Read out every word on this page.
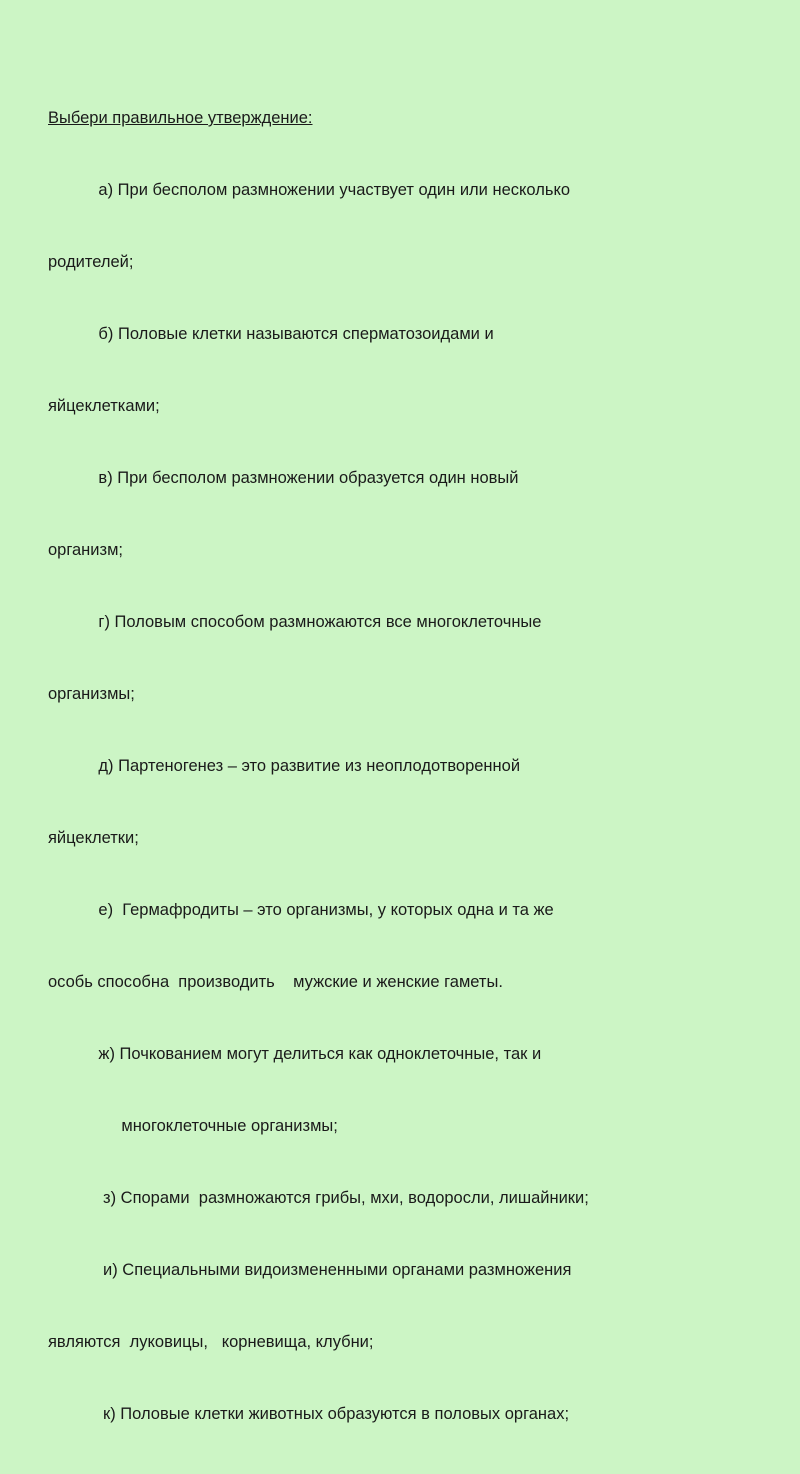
Выбери правильное утверждение:

а) При бесполом размножении участвует один или несколько

родителей;

б) Половые клетки называются сперматозоидами и

яйцеклетками;

в) При бесполом размножении образуется один новый

организм;

г) Половым способом размножаются все многоклеточные

организмы;

д) Партеногенез – это развитие из неоплодотворенной

яйцеклетки;

е)  Гермафродиты – это организмы, у которых одна и та же

особь способна  производить    мужские и женские гаметы.

ж) Почкованием могут делиться как одноклеточные, так и

многоклеточные организмы;

з) Спорами  размножаются грибы, мхи, водоросли, лишайники;

и) Специальными видоизмененными органами размножения

являются  луковицы,   корневища, клубни;

к) Половые клетки животных образуются в половых органах;
